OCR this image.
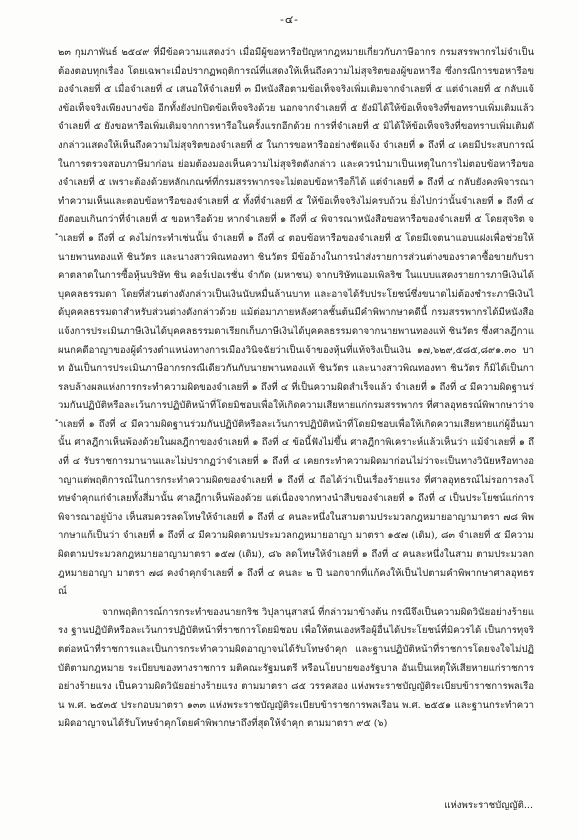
-๔-

๒๓ กุมภาพันธ์ ๒๕๔๙ ที่มีข้อความแสดงว่า เมื่อมีผู้ขอหารือปัญหากฎหมายเกี่ยวกับภาษีอากร กรมสรรพากรไม่จำเป็นต้องตอบทุกเรื่อง โดยเฉพาะเมื่อปรากฏพฤติการณ์ที่แสดงให้เห็นถึงความไม่สุจริตของผู้ขอหารือ ซึ่งกรณีการขอหารือของจำเลยที่ ๕ เมื่อจำเลยที่ ๔ เสนอให้จำเลยที่ ๓ มีหนังสือตามข้อเท็จจริงเพิ่มเติมจากจำเลยที่ ๕ แต่จำเลยที่ ๕ กลับแจ้งข้อเท็จจริงเพียงบางข้อ อีกทั้งยังปกปิดข้อเท็จจริงด้วย นอกจากจำเลยที่ ๕ ยังมิได้ให้ข้อเท็จจริงที่ขอทราบเพิ่มเติมแล้ว จำเลยที่ ๕ ยังขอหารือเพิ่มเติมจากการหารือในครั้งแรกอีกด้วย การที่จำเลยที่ ๕ มิได้ให้ข้อเท็จจริงที่ขอทราบเพิ่มเติมดังกล่าวแสดงให้เห็นถึงความไม่สุจริตของจำเลยที่ ๕ ในการขอหารืออย่างชัดแจ้ง จำเลยที่ ๑ ถึงที่ ๔ เคยมีประสบการณ์ในการตรวจสอบภาษีมาก่อน ย่อมต้องมองเห็นความไม่สุจริตดังกล่าว และควรนำมาเป็นเหตุในการไม่ตอบข้อหารือของจำเลยที่ ๕ เพราะต้องด้วยหลักเกณฑ์ที่กรมสรรพากรจะไม่ตอบข้อหารือก็ได้ แต่จำเลยที่ ๑ ถึงที่ ๔ กลับยังคงพิจารณาทำความเห็นและตอบข้อหารือของจำเลยที่ ๕ ทั้งที่จำเลยที่ ๕ ให้ข้อเท็จจริงไม่ครบถ้วน ยิ่งไปกว่านั้นจำเลยที่ ๑ ถึงที่ ๔ ยังตอบเกินกว่าที่จำเลยที่ ๕ ขอหารือด้วย หากจำเลยที่ ๑ ถึงที่ ๔ พิจารณาหนังสือขอหารือของจำเลยที่ ๕ โดยสุจริต จำเลยที่ ๑ ถึงที่ ๔ คงไม่กระทำเช่นนั้น จำเลยที่ ๑ ถึงที่ ๔ ตอบข้อหารือของจำเลยที่ ๕ โดยมีเจตนาแอบแฝงเพื่อช่วยให้นายพานทองแท้ ชินวัตร และนางสาวพิณทองทา ชินวัตร มีข้ออ้างในการนำส่งรายการส่วนต่างของราคาซื้อขายกับราคาตลาดในการซื้อหุ้นบริษัท ชิน คอร์เปอเรชั่น จำกัด (มหาชน) จากบริษัทแอมเพิลริช ในแบบแสดงรายการภาษีเงินได้บุคคลธรรมดา โดยที่ส่วนต่างดังกล่าวเป็นเงินนับหมื่นล้านบาท และอาจได้รับประโยชน์ซึ่งขนาดไม่ต้องชำระภาษีเงินได้บุคคลธรรมดาสำหรับส่วนต่างดังกล่าวด้วย แม้ต่อมาภายหลังศาลชั้นต้นมีคำพิพากษาคดีนี้ กรมสรรพากรได้มีหนังสือแจ้งการประเมินภาษีเงินได้บุคคลธรรมดาเรียกเก็บภาษีเงินได้บุคคลธรรมดาจากนายพานทองแท้ ชินวัตร ซึ่งศาลฎีกาแผนกคดีอาญาของผู้ดำรงตำแหน่งทางการเมืองวินิจฉัยว่าเป็นเจ้าของหุ้นที่แท้จริงเป็นเงิน ๑๗,๖๒๙,๕๘๕,๘๙๑.๓๐ บาท อันเป็นการประเมินภาษีอากรกรณีเดียวกันกับนายพานทองแท้ ชินวัตร และนางสาวพิณทองทา ชินวัตร ก็มิได้เป็นการลบล้างผลแห่งการกระทำความผิดของจำเลยที่ ๑ ถึงที่ ๔ ที่เป็นความผิดสำเร็จแล้ว จำเลยที่ ๑ ถึงที่ ๔ มีความผิดฐานร่วมกันปฏิบัติหรือละเว้นการปฏิบัติหน้าที่โดยมิชอบเพื่อให้เกิดความเสียหายแก่กรมสรรพากร ที่ศาลอุทธรณ์พิพากษาว่าจำเลยที่ ๑ ถึงที่ ๔ มีความผิดฐานร่วมกันปฏิบัติหรือละเว้นการปฏิบัติหน้าที่โดยมิชอบเพื่อให้เกิดความเสียหายแก่ผู้อื่นมานั้น ศาลฎีกาเห็นพ้องด้วยในผลฎีกาของจำเลยที่ ๑ ถึงที่ ๔ ข้อนี้ฟังไม่ขึ้น ศาลฎีกาพิเคราะห์แล้วเห็นว่า แม้จำเลยที่ ๑ ถึงที่ ๔ รับราชการมานานและไม่ปรากฏว่าจำเลยที่ ๑ ถึงที่ ๔ เคยกระทำความผิดมาก่อนไม่ว่าจะเป็นทางวินัยหรือทางอาญาแต่พฤติการณ์ในการกระทำความผิดของจำเลยที่ ๑ ถึงที่ ๔ ถือได้ว่าเป็นเรื่องร้ายแรง ที่ศาลอุทธรณ์ไม่รอการลงโทษจำคุกแก่จำเลยทั้งสี่มานั้น ศาลฎีกาเห็นพ้องด้วย แต่เนื่องจากทางนำสืบของจำเลยที่ ๑ ถึงที่ ๔ เป็นประโยชน์แก่การพิจารณาอยู่บ้าง เห็นสมควรลดโทษให้จำเลยที่ ๑ ถึงที่ ๔ คนละหนึ่งในสามตามประมวลกฎหมายอาญามาตรา ๗๘ พิพากษาแก้เป็นว่า จำเลยที่ ๑ ถึงที่ ๔ มีความผิดตามประมวลกฎหมายอาญา มาตรา ๑๕๗ (เดิม), ๘๓ จำเลยที่ ๕ มีความผิดตามประมวลกฎหมายอาญามาตรา ๑๕๗ (เดิม), ๘๖ ลดโทษให้จำเลยที่ ๑ ถึงที่ ๔ คนละหนึ่งในสาม ตามประมวลกฎหมายอาญา มาตรา ๗๘ คงจำคุกจำเลยที่ ๑ ถึงที่ ๔ คนละ ๒ ปี นอกจากที่แก้คงให้เป็นไปตามคำพิพากษาศาลอุทธรณ์

จากพฤติการณ์การกระทำของนายกริช วิปุลานุสาสน์ ที่กล่าวมาข้างต้น กรณีจึงเป็นความผิดวินัยอย่างร้ายแรง ฐานปฏิบัติหรือละเว้นการปฏิบัติหน้าที่ราชการโดยมิชอบ เพื่อให้ตนเองหรือผู้อื่นได้ประโยชน์ที่มิควรได้ เป็นการทุจริตต่อหน้าที่ราชการและเป็นการกระทำความผิดอาญาจนได้รับโทษจำคุก และฐานปฏิบัติหน้าที่ราชการโดยจงใจไม่ปฏิบัติตามกฎหมาย ระเบียบของทางราชการ มติคณะรัฐมนตรี หรือนโยบายของรัฐบาล อันเป็นเหตุให้เสียหายแก่ราชการอย่างร้ายแรง เป็นความผิดวินัยอย่างร้ายแรง ตามมาตรา ๘๕ วรรคสอง แห่งพระราชบัญญัติระเบียบข้าราชการพลเรือน พ.ศ. ๒๕๓๕ ประกอบมาตรา ๑๓๓ แห่งพระราชบัญญัติระเบียบข้าราชการพลเรือน พ.ศ. ๒๕๕๑ และฐานกระทำความผิดอาญาจนได้รับโทษจำคุกโดยคำพิพากษาถึงที่สุดให้จำคุก ตามมาตรา ๙๕ (๖)

แห่งพระราชบัญญัติ...
